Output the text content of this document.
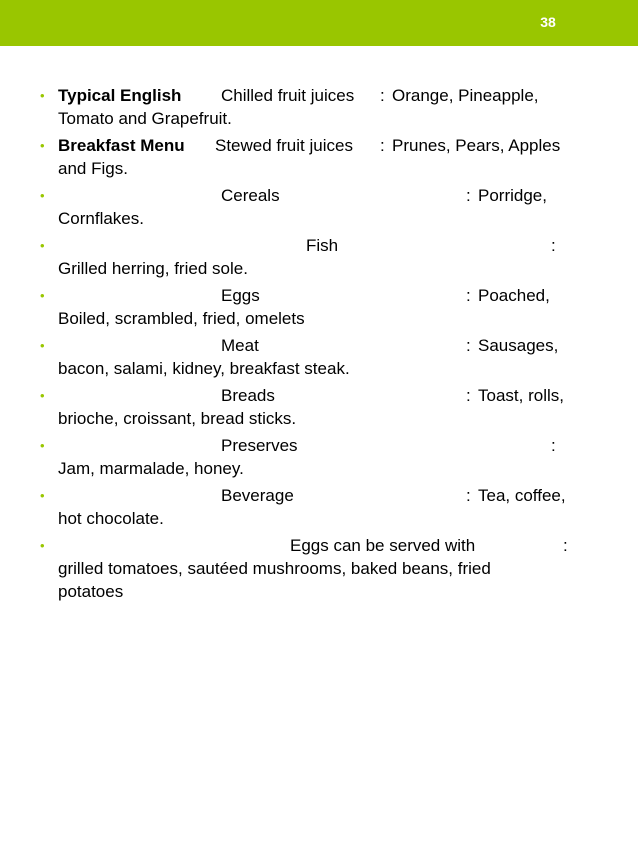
38
• Typical English Chilled fruit juices : Orange, Pineapple,
Tomato and Grapefruit.
• Breakfast Menu Stewed fruit juices : Prunes, Pears, Apples
and Figs.
•	Cereals	: Porridge,
Cornflakes.
•	Fish	:
Grilled herring, fried sole.
•	Eggs	: Poached,
Boiled, scrambled, fried, omelets
•	Meat	: Sausages,
bacon, salami, kidney, breakfast steak.
•	Breads	: Toast, rolls,
brioche, croissant, bread sticks.
•	Preserves	:
Jam, marmalade, honey.
•	Beverage	: Tea, coffee,
hot chocolate.
•	Eggs can be served with	:
grilled tomatoes, sautéed mushrooms, baked beans, fried
potatoes
